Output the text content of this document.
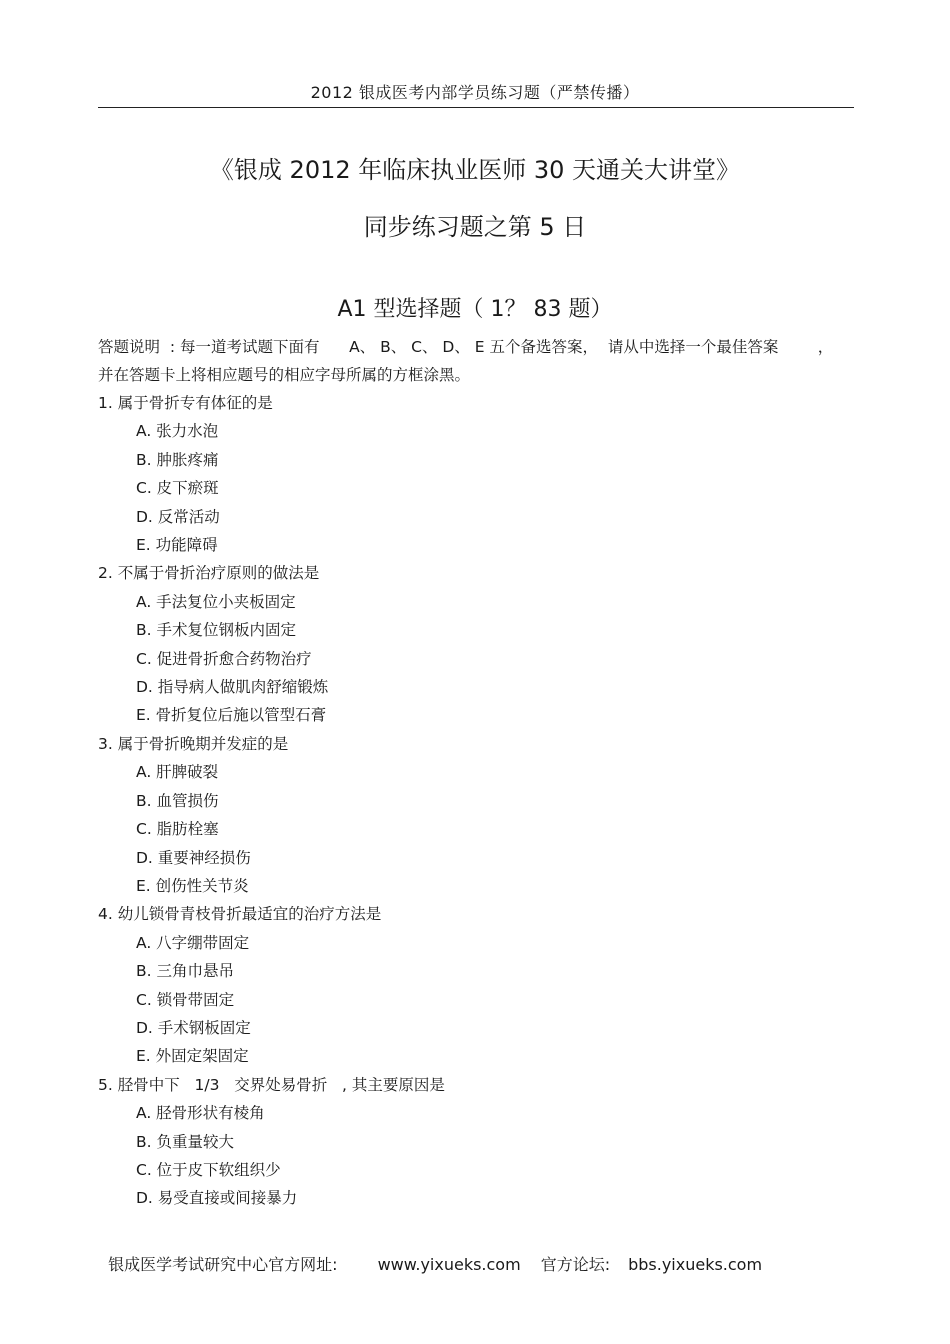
2012 银成医考内部学员练习题（严禁传播）
《银成 2012 年临床执业医师 30 天通关大讲堂》
同步练习题之第 5 日
A1 型选择题（ 1？ 83 题）
答题说明  : 每一道考试题下面有      A、 B、 C、 D、 E 五个备选答案，  请从中选择一个最佳答案        ，
并在答题卡上将相应题号的相应字母所属的方框涂黑。
1. 属于骨折专有体征的是
A. 张力水泡
B. 肿胀疼痛
C. 皮下瘀斑
D. 反常活动
E. 功能障碍
2. 不属于骨折治疗原则的做法是
A. 手法复位小夹板固定
B. 手术复位钢板内固定
C. 促进骨折愈合药物治疗
D. 指导病人做肌肉舒缩锻炼
E. 骨折复位后施以管型石膏
3. 属于骨折晚期并发症的是
A. 肝脾破裂
B. 血管损伤
C. 脂肪栓塞
D. 重要神经损伤
E. 创伤性关节炎
4. 幼儿锁骨青枝骨折最适宜的治疗方法是
A. 八字绷带固定
B. 三角巾悬吊
C. 锁骨带固定
D. 手术钢板固定
E. 外固定架固定
5. 胫骨中下   1/3   交界处易骨折   , 其主要原因是
A. 胫骨形状有棱角
B. 负重量较大
C. 位于皮下软组织少
D. 易受直接或间接暴力

银成医学考试研究中心官方网址:	www.yixueks.com 官方论坛: bbs.yixueks.com
